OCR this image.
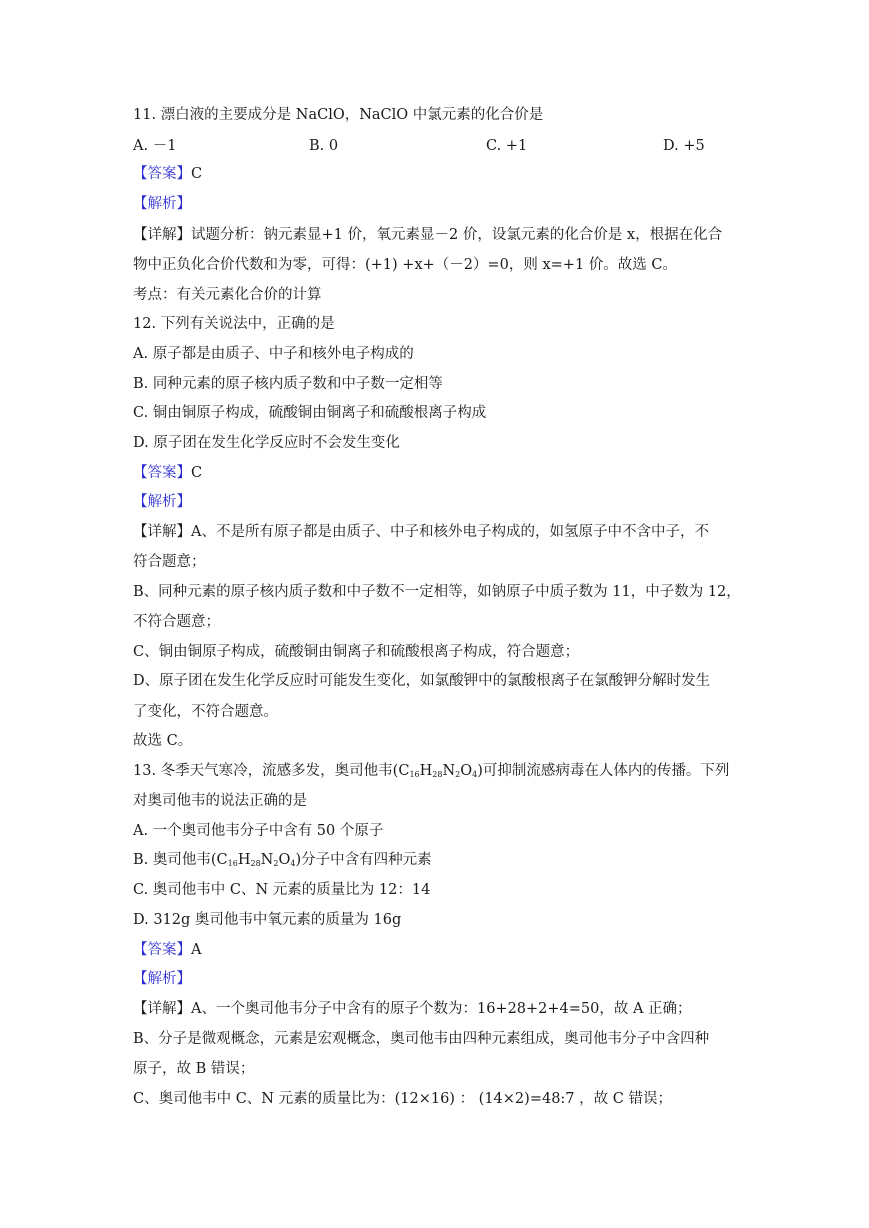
11. 漂白液的主要成分是 NaClO，NaClO 中氯元素的化合价是
A. －1	B. 0	C. +1	D. +5
【答案】C
【解析】
【详解】试题分析：钠元素显+1 价，氧元素显－2 价，设氯元素的化合价是 x，根据在化合
物中正负化合价代数和为零，可得：(+1) +x+（－2）=0，则 x=+1 价。故选 C。
考点：有关元素化合价的计算
12. 下列有关说法中，正确的是
A. 原子都是由质子、中子和核外电子构成的
B. 同种元素的原子核内质子数和中子数一定相等
C. 铜由铜原子构成，硫酸铜由铜离子和硫酸根离子构成
D. 原子团在发生化学反应时不会发生变化
【答案】C
【解析】
【详解】A、不是所有原子都是由质子、中子和核外电子构成的，如氢原子中不含中子，不
符合题意；
B、同种元素的原子核内质子数和中子数不一定相等，如钠原子中质子数为 11，中子数为 12，
不符合题意；
C、铜由铜原子构成，硫酸铜由铜离子和硫酸根离子构成，符合题意；
D、原子团在发生化学反应时可能发生变化，如氯酸钾中的氯酸根离子在氯酸钾分解时发生
了变化，不符合题意。
故选 C。
13. 冬季天气寒冷，流感多发，奥司他韦$(C_{16}H_{28}N_2O_4)$可抑制流感病毒在人体内的传播。下列
对奥司他韦的说法正确的是
A. 一个奥司他韦分子中含有 50 个原子
B. 奥司他韦$(C_{16}H_{28}N_2O_4)$分子中含有四种元素
C. 奥司他韦中 C、N 元素的质量比为 12：14
D. 312g 奥司他韦中氧元素的质量为 16g
【答案】A
【解析】
【详解】A、一个奥司他韦分子中含有的原子个数为：16+28+2+4=50，故 A 正确；
B、分子是微观概念，元素是宏观概念，奥司他韦由四种元素组成，奥司他韦分子中含四种
原子，故 B 错误；
C、奥司他韦中 C、N 元素的质量比为：(12×16) ： (14×2)=48:7 ，故 C 错误；
